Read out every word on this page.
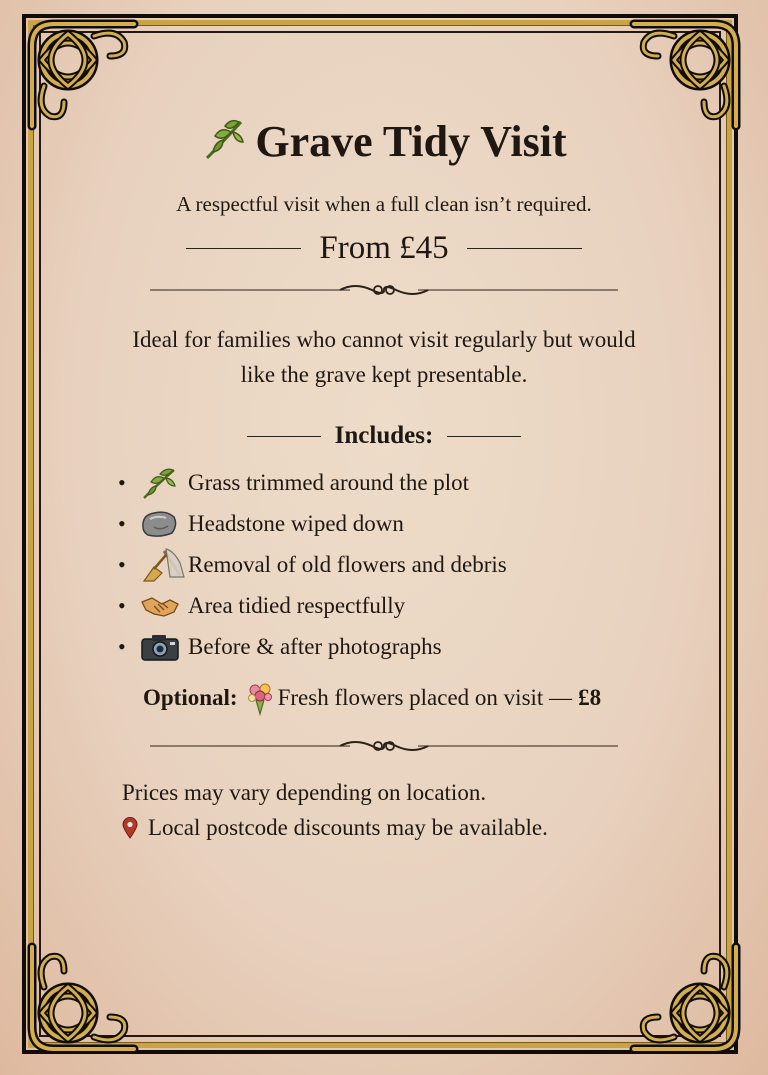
Grave Tidy Visit
A respectful visit when a full clean isn’t required.
From £45
Ideal for families who cannot visit regularly but would
like the grave kept presentable.
Includes:
•	Grass trimmed around the plot
•	Headstone wiped down
•	Removal of old flowers and debris
•	Area tidied respectfully
•	Before & after photographs
Optional: Fresh flowers placed on visit — £8
Prices may vary depending on location.
Local postcode discounts may be available.
